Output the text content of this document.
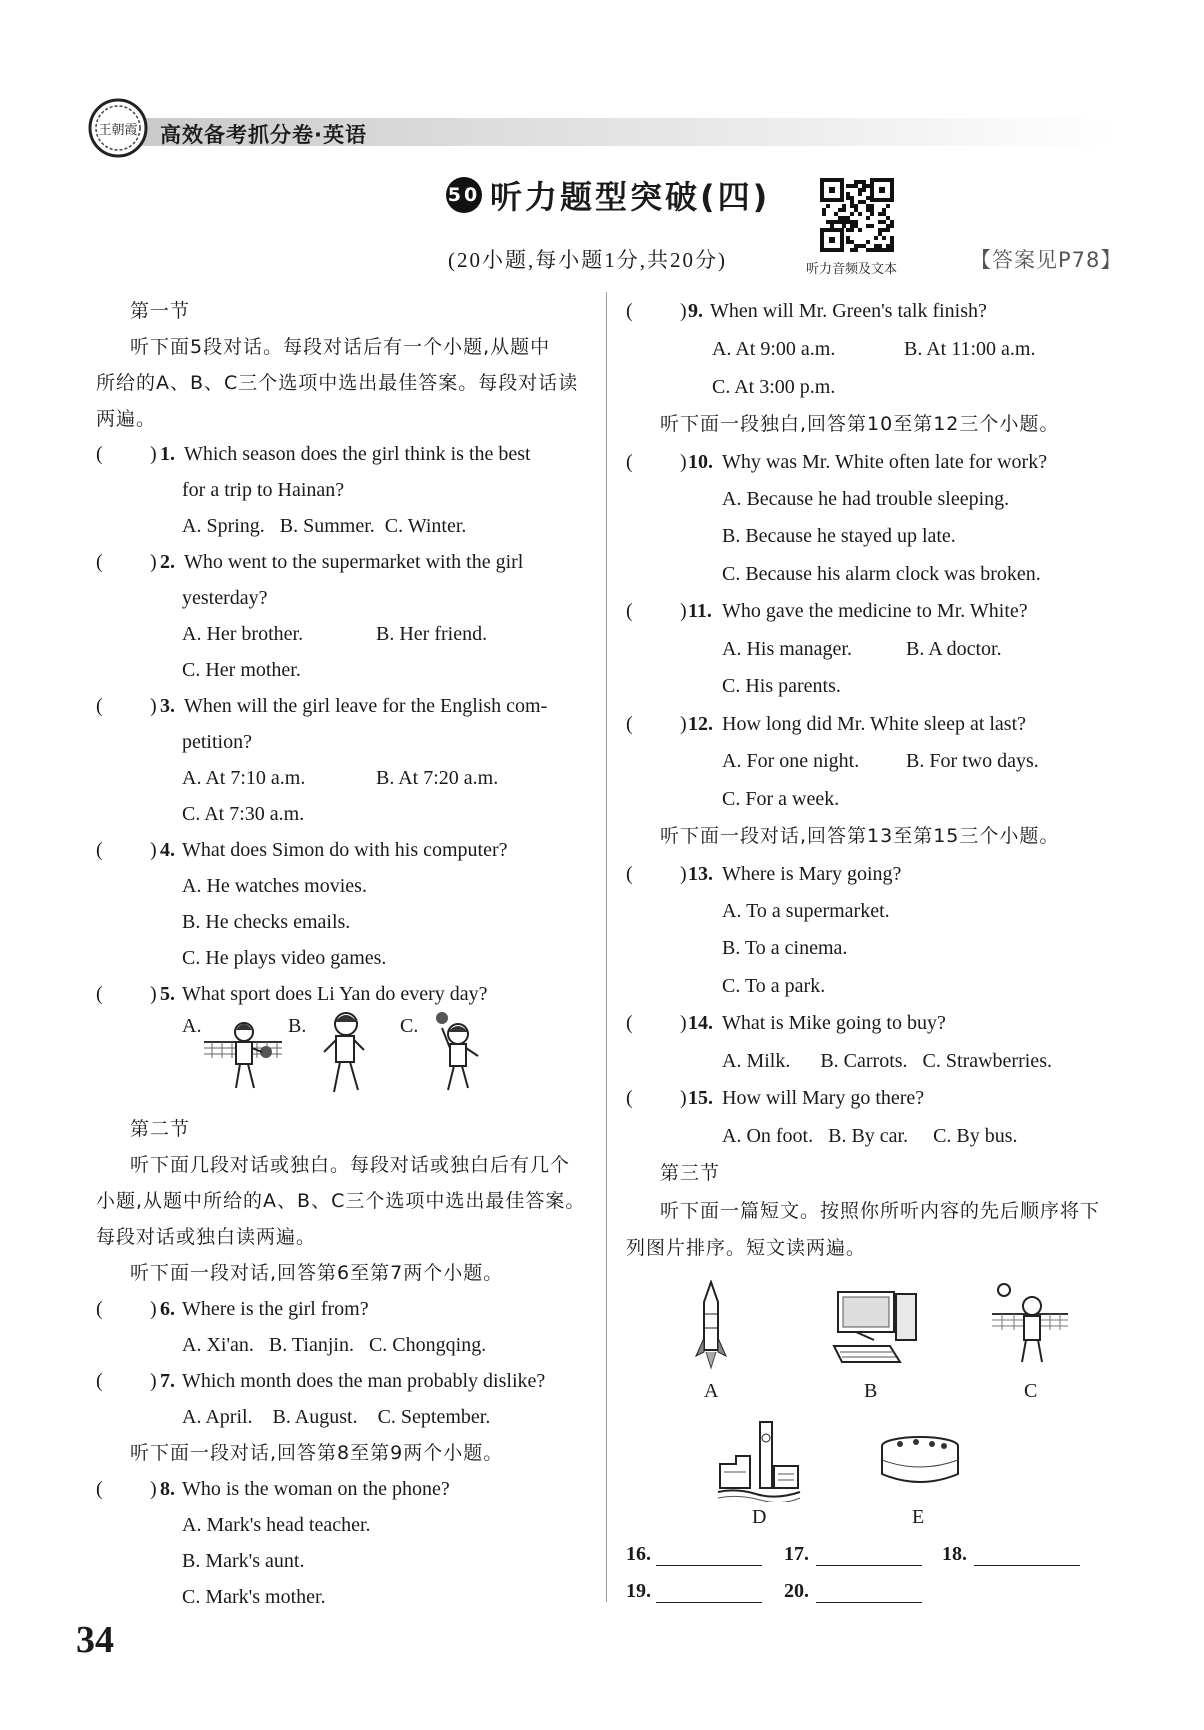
王朝霞 高效备考抓分卷·英语
50 听力题型突破(四)
(20小题,每小题1分,共20分)	听力音频及文本	【答案见P78】
第一节
听下面5段对话。每段对话后有一个小题,从题中
所给的A、B、C三个选项中选出最佳答案。每段对话读
两遍。
( ) 1. Which season does the girl think is the best
for a trip to Hainan?
A. Spring.   B. Summer.  C. Winter.
( ) 2. Who went to the supermarket with the girl
yesterday?
A. Her brother.	B. Her friend.
C. Her mother.
( ) 3. When will the girl leave for the English com-
petition?
A. At 7:10 a.m.	B. At 7:20 a.m.
C. At 7:30 a.m.
( ) 4. What does Simon do with his computer?
A. He watches movies.
B. He checks emails.
C. He plays video games.
( ) 5. What sport does Li Yan do every day?
A.	B.	C.
第二节
听下面几段对话或独白。每段对话或独白后有几个
小题,从题中所给的A、B、C三个选项中选出最佳答案。
每段对话或独白读两遍。
听下面一段对话,回答第6至第7两个小题。
( ) 6. Where is the girl from?
A. Xi'an.   B. Tianjin.   C. Chongqing.
( ) 7. Which month does the man probably dislike?
A. April.    B. August.    C. September.
听下面一段对话,回答第8至第9两个小题。
( ) 8. Who is the woman on the phone?
A. Mark's head teacher.
B. Mark's aunt.
C. Mark's mother.
( ) 9. When will Mr. Green's talk finish?
A. At 9:00 a.m.	B. At 11:00 a.m.
C. At 3:00 p.m.
听下面一段独白,回答第10至第12三个小题。
( ) 10. Why was Mr. White often late for work?
A. Because he had trouble sleeping.
B. Because he stayed up late.
C. Because his alarm clock was broken.
( ) 11. Who gave the medicine to Mr. White?
A. His manager.	B. A doctor.
C. His parents.
( ) 12. How long did Mr. White sleep at last?
A. For one night. B. For two days.
C. For a week.
听下面一段对话,回答第13至第15三个小题。
( ) 13. Where is Mary going?
A. To a supermarket.
B. To a cinema.
C. To a park.
( ) 14. What is Mike going to buy?
A. Milk.      B. Carrots.   C. Strawberries.
( ) 15. How will Mary go there?
A. On foot.   B. By car.     C. By bus.
第三节
听下面一篇短文。按照你所听内容的先后顺序将下
列图片排序。短文读两遍。
A	B	C
D	E
16.	17.	18.
19.	20.
34
